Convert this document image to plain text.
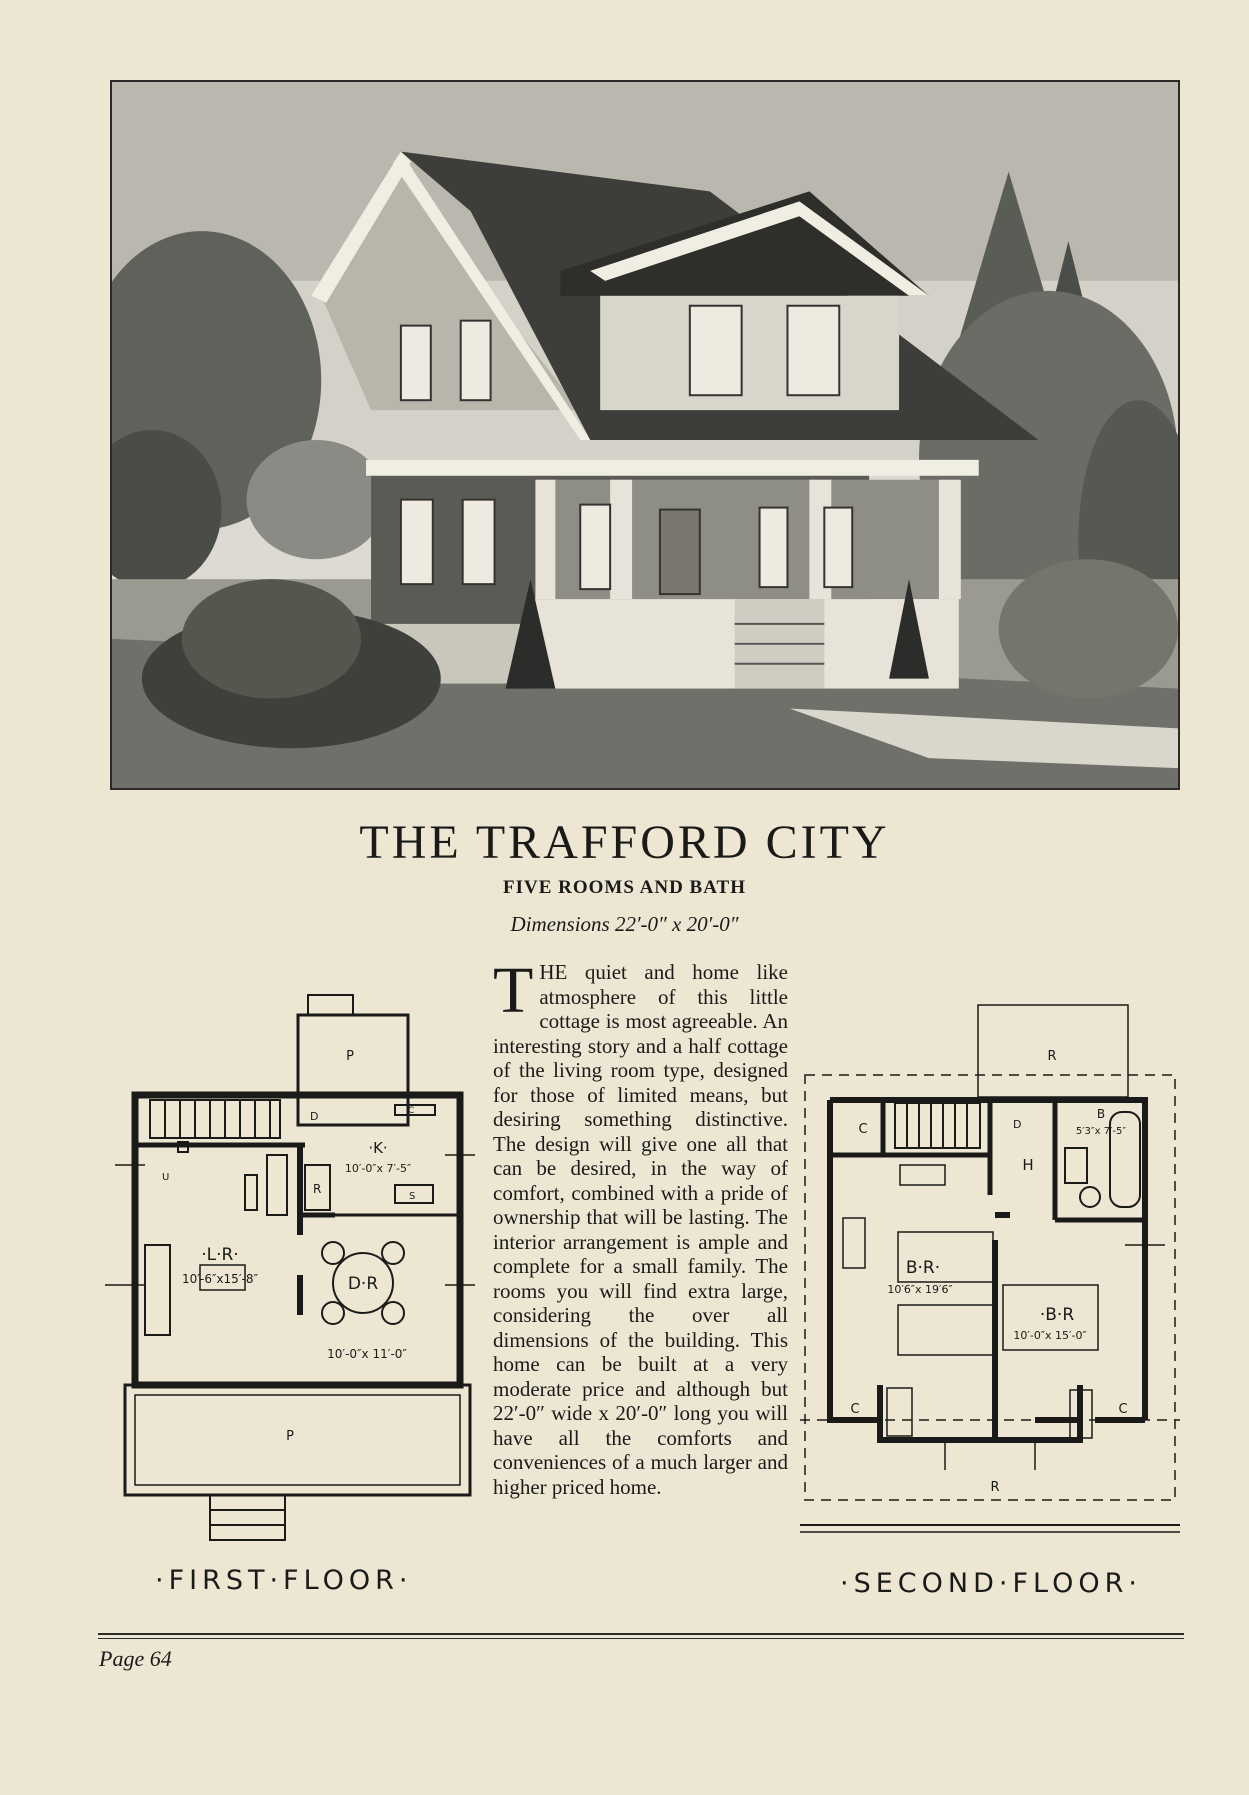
THE TRAFFORD CITY
FIVE ROOMS AND BATH
Dimensions 22′-0″ x 20′-0″
THE quiet and home like atmosphere of this little cottage is most agreeable. An interesting story and a half cottage of the living room type, designed for those of limited means, but desiring something distinctive. The design will give one all that can be desired, in the way of comfort, combined with a pride of ownership that will be lasting. The interior arrangement is ample and complete for a small family. The rooms you will find extra large, considering the over all dimensions of the building. This home can be built at a very moderate price and although but 22′-0″ wide x 20′-0″ long you will have all the comforts and conveniences of a much larger and higher priced home.
P
D	C
·K·
10′-0″x 7′-5″
R
S
U
·L·R·
10′-6″x15′-8″	D·R
10′-0″x 11′-0″
P
·FIRST·FLOOR·
R
C	D
B
5′3″x 7′-5″
H
B·R·
10′6″x 19′6″
·B·R
10′-0″x 15′-0″
C	C
R
·SECOND·FLOOR·
Page 64
